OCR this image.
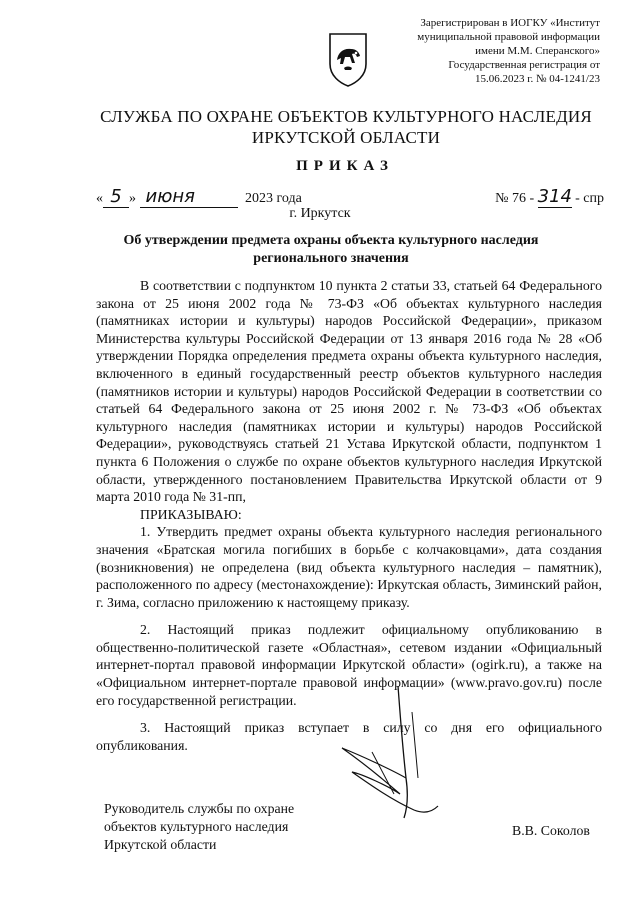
Зарегистрирован в ИОГКУ «Институт
муниципальной правовой информации
имени М.М. Сперанского»
Государственная регистрация от
15.06.2023 г. № 04-1241/23
СЛУЖБА ПО ОХРАНЕ ОБЪЕКТОВ КУЛЬТУРНОГО НАСЛЕДИЯ
ИРКУТСКОЙ ОБЛАСТИ
ПРИКАЗ
« 5 » июня	2023 года	№ 76 - 314 - спр
г. Иркутск
Об утверждении предмета охраны объекта культурного наследия
регионального значения

В соответствии с подпунктом 10 пункта 2 статьи 33, статьей 64 Федерального закона от 25 июня 2002 года № 73-ФЗ «Об объектах культурного наследия (памятниках истории и культуры) народов Российской Федерации», приказом Министерства культуры Российской Федерации от 13 января 2016 года № 28 «Об утверждении Порядка определения предмета охраны объекта культурного наследия, включенного в единый государственный реестр объектов культурного наследия (памятников истории и культуры) народов Российской Федерации в соответствии со статьей 64 Федерального закона от 25 июня 2002 г. № 73-ФЗ «Об объектах культурного наследия (памятниках истории и культуры) народов Российской Федерации», руководствуясь статьей 21 Устава Иркутской области, подпунктом 1 пункта 6 Положения о службе по охране объектов культурного наследия Иркутской области, утвержденного постановлением Правительства Иркутской области от 9 марта 2010 года № 31-пп,

ПРИКАЗЫВАЮ:

1. Утвердить предмет охраны объекта культурного наследия регионального значения «Братская могила погибших в борьбе с колчаковцами», дата создания (возникновения) не определена (вид объекта культурного наследия – памятник), расположенного по адресу (местонахождение): Иркутская область, Зиминский район, г. Зима, согласно приложению к настоящему приказу.

2. Настоящий приказ подлежит официальному опубликованию в общественно-политической газете «Областная», сетевом издании «Официальный интернет-портал правовой информации Иркутской области» (ogirk.ru), а также на «Официальном интернет-портале правовой информации» (www.pravo.gov.ru) после его государственной регистрации.

3. Настоящий приказ вступает в силу со дня его официального опубликования.

Руководитель службы по охране
объектов культурного наследия
Иркутской области
В.В. Соколов
